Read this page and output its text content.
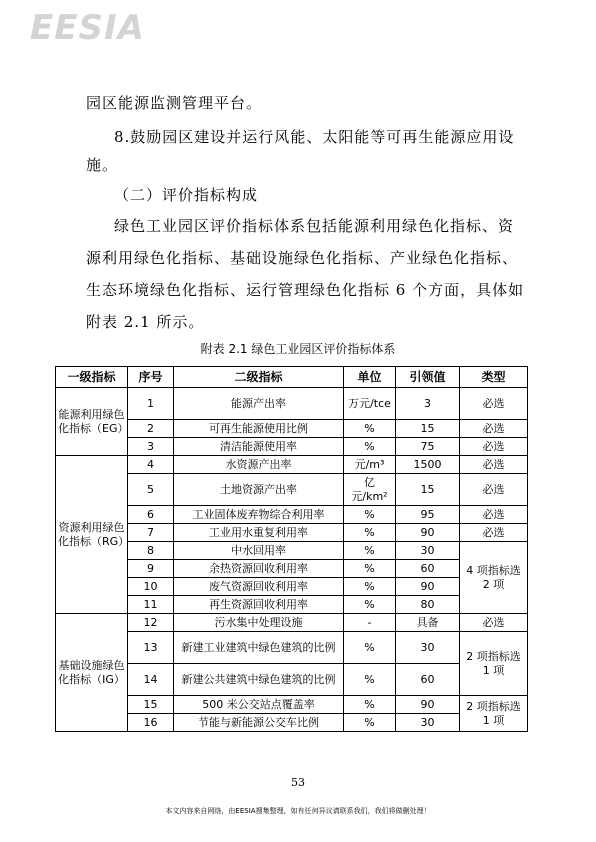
EESIA
园区能源监测管理平台。
8.鼓励园区建设并运行风能、太阳能等可再生能源应用设
施。
（二）评价指标构成
绿色工业园区评价指标体系包括能源利用绿色化指标、资
源利用绿色化指标、基础设施绿色化指标、产业绿色化指标、
生态环境绿色化指标、运行管理绿色化指标 6 个方面，具体如
附表 2.1 所示。
附表 2.1 绿色工业园区评价指标体系
一级指标	序号	二级指标	单位	引领值	类型
能源利用绿色化指标（EG）	1	能源产出率	万元/tce	3	必选
	2	可再生能源使用比例	%	15	必选
	3	清洁能源使用率	%	75	必选
资源利用绿色化指标（RG）	4	水资源产出率	元/m³	1500	必选
	5	土地资源产出率	亿元/km²	15	必选
	6	工业固体废弃物综合利用率	%	95	必选
	7	工业用水重复利用率	%	90	必选
	8	中水回用率	%	30	4 项指标选 2 项
	9	余热资源回收利用率	%	60	
	10	废气资源回收利用率	%	90	
	11	再生资源回收利用率	%	80	
基础设施绿色化指标（IG）	12	污水集中处理设施	-	具备	必选
	13	新建工业建筑中绿色建筑的比例	%	30	2 项指标选 1 项
	14	新建公共建筑中绿色建筑的比例	%	60	
	15	500 米公交站点覆盖率	%	90	2 项指标选 1 项
	16	节能与新能源公交车比例	%	30	
53
本文内容来自网络，由EESIA搜集整理，如有任何异议请联系我们，我们将做删处理！
